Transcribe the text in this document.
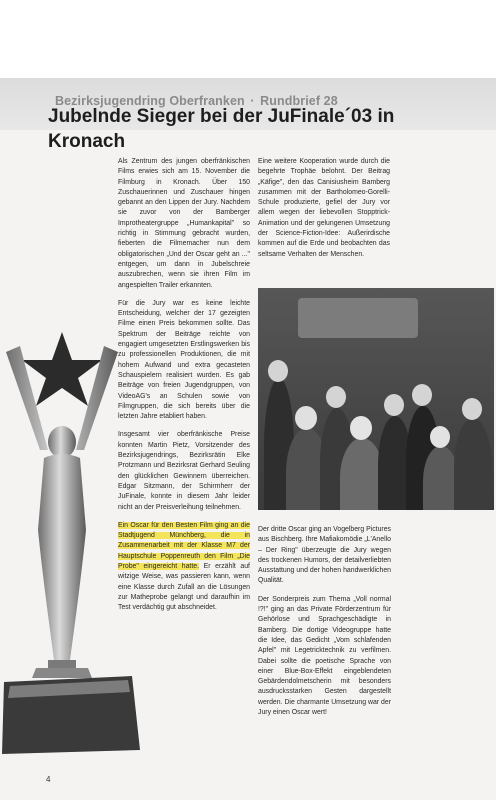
Bezirksjugendring Oberfranken · Rundbrief 28
Jubelnde Sieger bei der JuFinale´03 in Kronach

Als Zentrum des jungen oberfränkischen Films erwies sich am 15. November die Filmburg in Kronach. Über 150 Zuschauerinnen und Zuschauer hingen gebannt an den Lippen der Jury. Nachdem sie zuvor von der Bamberger Improtheatergruppe „Humankapital" so richtig in Stimmung gebracht wurden, fieberten die Filmemacher nun dem obligatorischen „Und der Oscar geht an ..." entgegen, um dann in Jubelschreie auszubrechen, wenn sie ihren Film im angespielten Trailer erkannten.

Für die Jury war es keine leichte Entscheidung, welcher der 17 gezeigten Filme einen Preis bekommen sollte. Das Spektrum der Beiträge reichte von engagiert umgesetzten Erstlingswerken bis zu professionellen Produktionen, die mit hohem Aufwand und extra gecasteten Schauspielern realisiert wurden. Es gab Beiträge von freien Jugendgruppen, von VideoAG's an Schulen sowie von Filmgruppen, die sich bereits über die letzten Jahre etabliert haben.

Insgesamt vier oberfränkische Preise konnten Martin Pietz, Vorsitzender des Bezirksjugendrings, Bezirksrätin Elke Protzmann und Bezirksrat Gerhard Seuling den glücklichen Gewinnern überreichen. Edgar Sitzmann, der Schirmherr der JuFinale, konnte in diesem Jahr leider nicht an der Preisverleihung teilnehmen.

Ein Oscar für den Besten Film ging an die Stadtjugend Münchberg, die in Zusammenarbeit mit der Klasse M7 der Hauptschule Poppenreuth den Film „Die Probe" eingereicht hatte. Er erzählt auf witzige Weise, was passieren kann, wenn eine Klasse durch Zufall an die Lösungen zur Matheprobe gelangt und daraufhin im Test verdächtig gut abschneidet.

Eine weitere Kooperation wurde durch die begehrte Trophäe belohnt. Der Beitrag „Käfige", den das Canisiusheim Bamberg zusammen mit der Bartholomeo-Gorelli-Schule produzierte, gefiel der Jury vor allem wegen der liebevollen Stopptrick-Animation und der gelungenen Umsetzung der Science-Fiction-Idee: Außerirdische kommen auf die Erde und beobachten das seltsame Verhalten der Menschen.

Der dritte Oscar ging an Vogelberg Pictures aus Bischberg. Ihre Mafiakomödie „L'Anello – Der Ring" überzeugte die Jury wegen des trockenen Humors, der detailverliebten Ausstattung und der hohen handwerklichen Qualität.

Der Sonderpreis zum Thema „Voll normal !?!" ging an das Private Förderzentrum für Gehörlose und Sprachgeschädigte in Bamberg. Die dortige Videogruppe hatte die Idee, das Gedicht „Vom schlafenden Apfel" mit Legetricktechnik zu verfilmen. Dabei sollte die poetische Sprache von einer Blue-Box-Effekt eingeblendeten Gebärdendolmetscherin mit besonders ausdrucksstarken Gesten dargestellt werden. Die charmante Umsetzung war der Jury einen Oscar wert!

4
